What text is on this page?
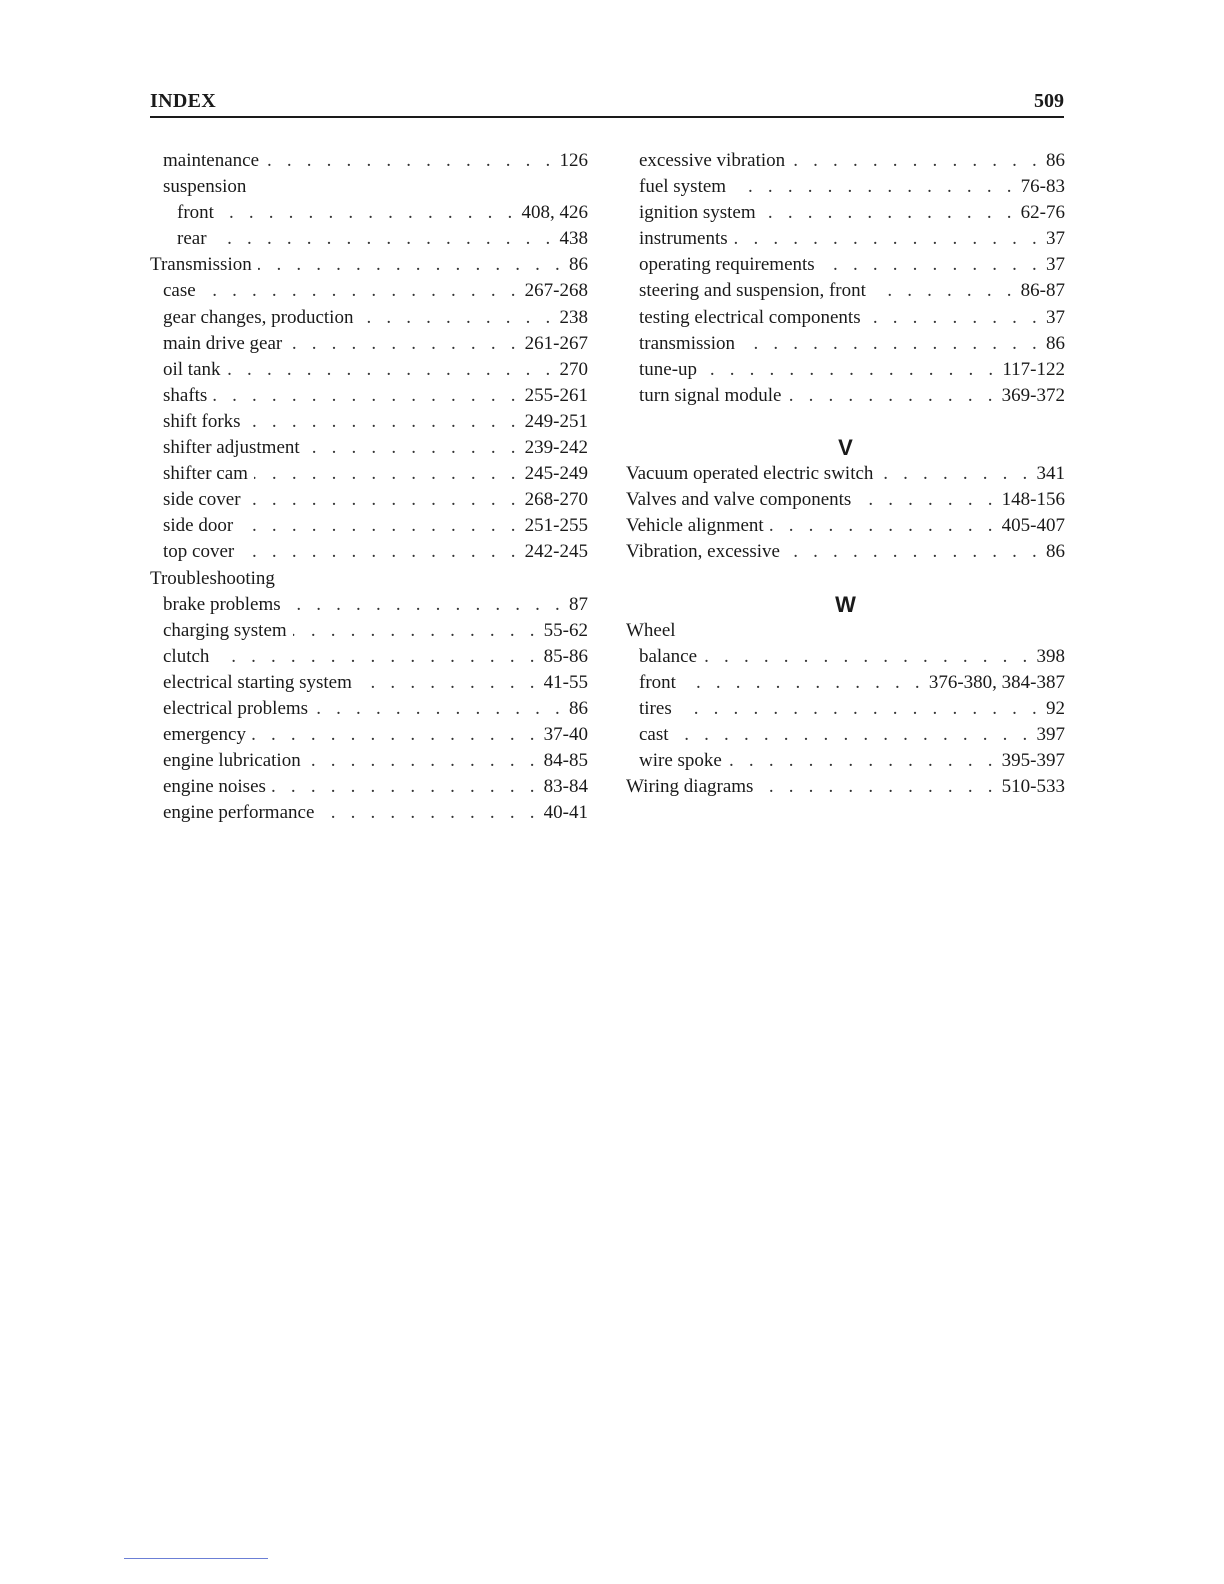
INDEX	509
maintenance . . .	126
suspension
front . . .	408, 426
rear . . .	438
Transmission . . .	86
case . . .	267-268
gear changes, production . . .	238
main drive gear . . .	261-267
oil tank . . .	270
shafts . . .	255-261
shift forks . . .	249-251
shifter adjustment . . .	239-242
shifter cam . . .	245-249
side cover . . .	268-270
side door . . .	251-255
top cover . . .	242-245
Troubleshooting
brake problems . . .	87
charging system . . .	55-62
clutch . . .	85-86
electrical starting system . . .	41-55
electrical problems . . .	86
emergency . . .	37-40
engine lubrication . . .	84-85
engine noises . . .	83-84
engine performance . . .	40-41
excessive vibration . . .	86
fuel system . . .	76-83
ignition system . . .	62-76
instruments . . .	37
operating requirements . . .	37
steering and suspension, front . . .	86-87
testing electrical components . . .	37
transmission . . .	86
tune-up . . .	117-122
turn signal module . . .	369-372
V
Vacuum operated electric switch . . .	341
Valves and valve components . . .	148-156
Vehicle alignment . . .	405-407
Vibration, excessive . . .	86
W
Wheel
balance . . .	398
front . . .	376-380, 384-387
tires . . .	92
cast . . .	397
wire spoke . . .	395-397
Wiring diagrams . . .	510-533
